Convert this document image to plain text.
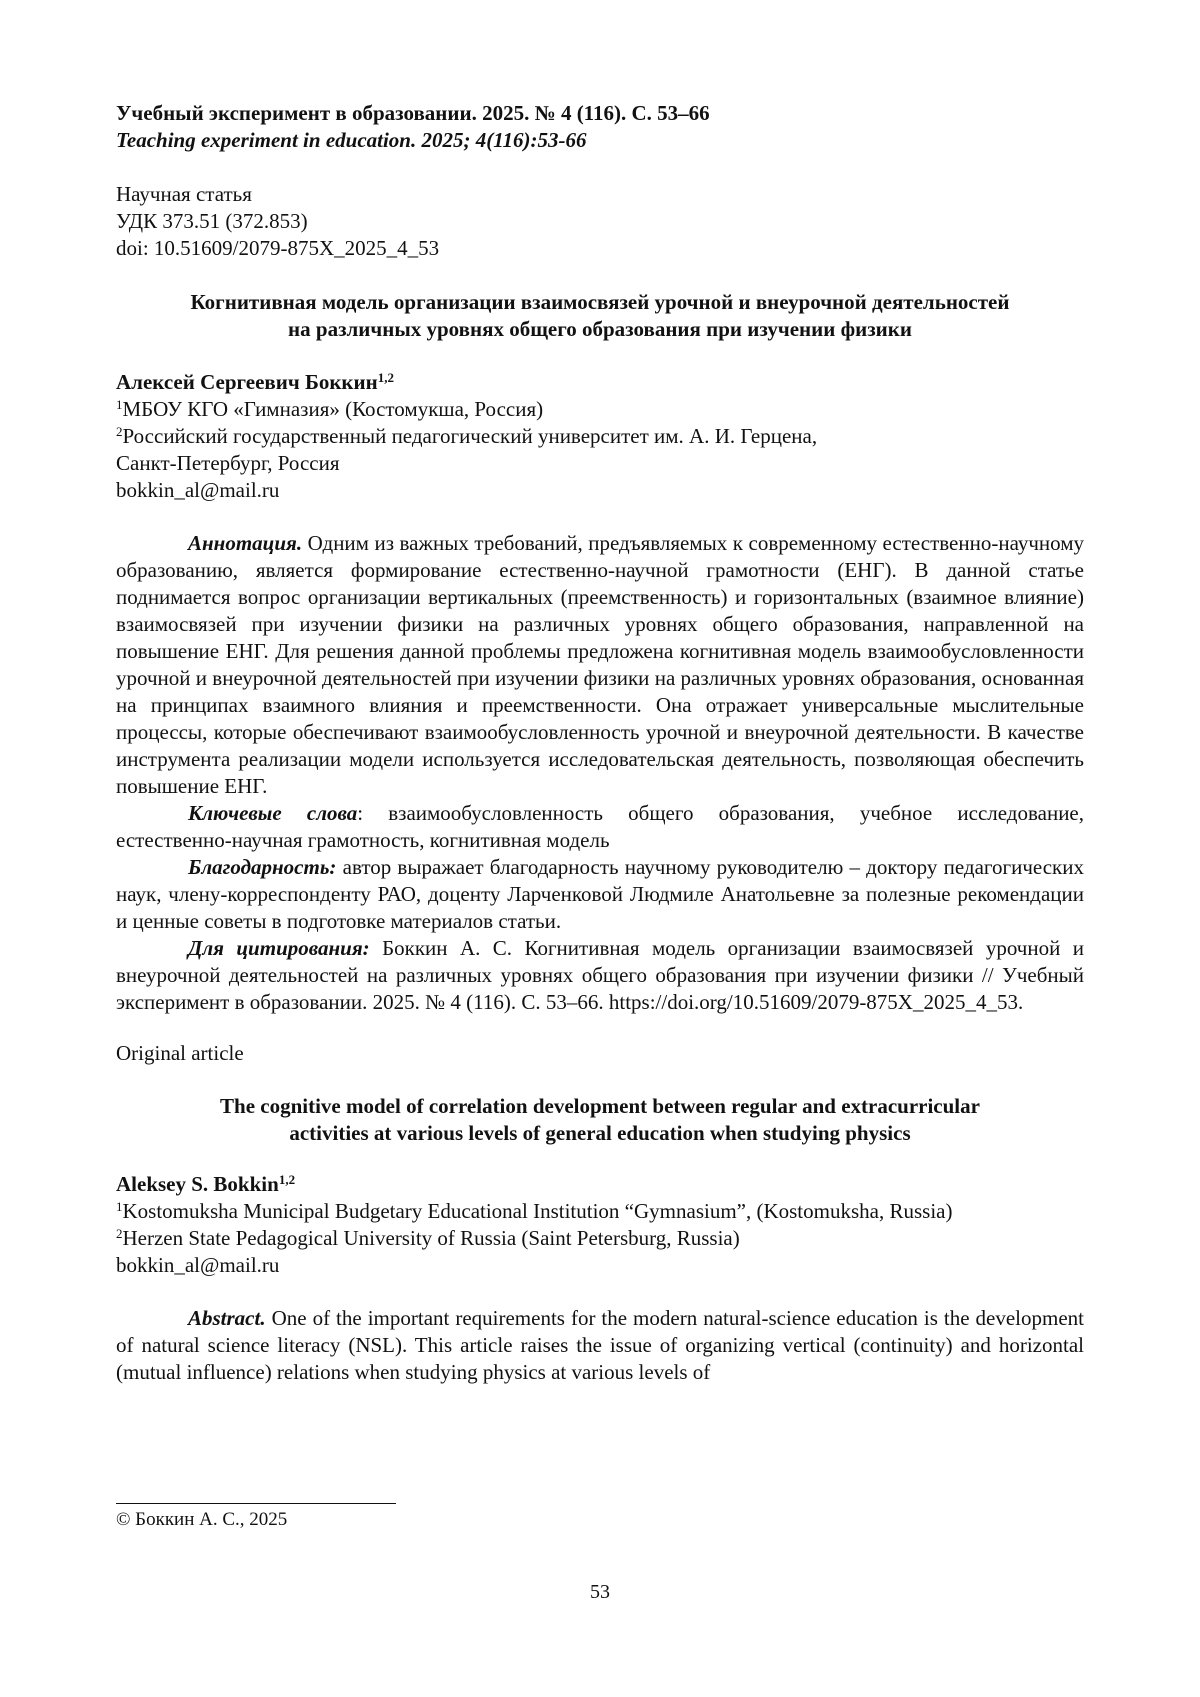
Учебный эксперимент в образовании. 2025. № 4 (116). С. 53–66

Teaching experiment in education. 2025; 4(116):53-66

Научная статья

УДК 373.51 (372.853)

doi: 10.51609/2079-875X_2025_4_53

Когнитивная модель организации взаимосвязей урочной и внеурочной деятельностей

на различных уровнях общего образования при изучении физики

Алексей Сергеевич Боккин$^{1,2}$

$^1$МБОУ КГО «Гимназия» (Костомукша, Россия)

$^2$Российский государственный педагогический университет им. А. И. Герцена,

Санкт-Петербург, Россия

bokkin_al@mail.ru

Аннотация. Одним из важных требований, предъявляемых к современному естественно-научному образованию, является формирование естественно-научной грамотности (ЕНГ). В данной статье поднимается вопрос организации вертикальных (преемственность) и горизонтальных (взаимное влияние) взаимосвязей при изучении физики на различных уровнях общего образования, направленной на повышение ЕНГ. Для решения данной проблемы предложена когнитивная модель взаимообусловленности урочной и внеурочной деятельностей при изучении физики на различных уровнях образования, основанная на принципах взаимного влияния и преемственности. Она отражает универсальные мыслительные процессы, которые обеспечивают взаимообусловленность урочной и внеурочной деятельности. В качестве инструмента реализации модели используется исследовательская деятельность, позволяющая обеспечить повышение ЕНГ.

Ключевые слова: взаимообусловленность общего образования, учебное исследование, естественно-научная грамотность, когнитивная модель

Благодарность: автор выражает благодарность научному руководителю – доктору педагогических наук, члену-корреспонденту РАО, доценту Ларченковой Людмиле Анатольевне за полезные рекомендации и ценные советы в подготовке материалов статьи.

Для цитирования: Боккин А. С. Когнитивная модель организации взаимосвязей урочной и внеурочной деятельностей на различных уровнях общего образования при изучении физики // Учебный эксперимент в образовании. 2025. № 4 (116). С. 53–66. https://doi.org/10.51609/2079-875X_2025_4_53.

Original article

The cognitive model of correlation development between regular and extracurricular

activities at various levels of general education when studying physics

Aleksey S. Bokkin$^{1,2}$

$^1$Kostomuksha Municipal Budgetary Educational Institution “Gymnasium”, (Kostomuksha, Russia)

$^2$Herzen State Pedagogical University of Russia (Saint Petersburg, Russia)

bokkin_al@mail.ru

Abstract. One of the important requirements for the modern natural-science education is the development of natural science literacy (NSL). This article raises the issue of organizing vertical (continuity) and horizontal (mutual influence) relations when studying physics at various levels of

© Боккин А. С., 2025

53
